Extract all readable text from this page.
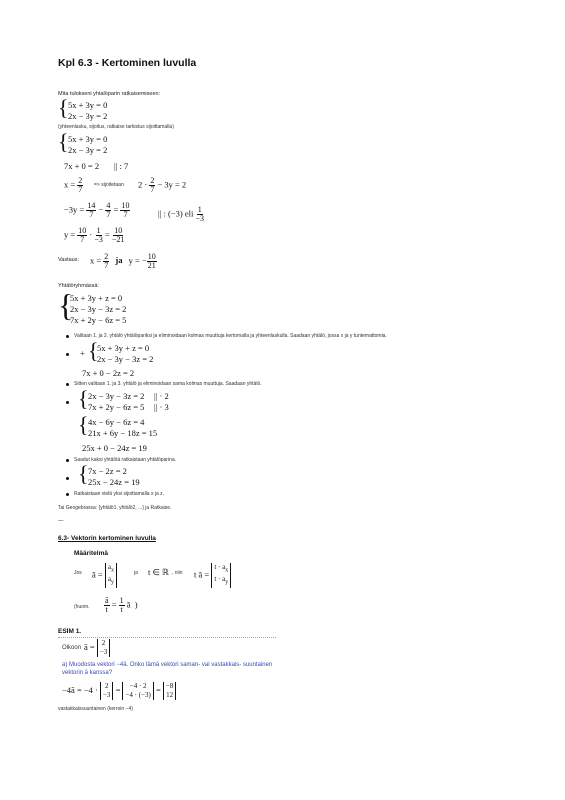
Kpl 6.3 - Kertominen luvulla
Mita tulokseni yhtalöparin ratkaisemiseen:
{ 5x + 3y = 0
2x − 3y = 2
(yhteenlasku, sijoitus, ratkaise tarkistus sijoittamalla)
{ 5x + 3y = 0
2x − 3y = 2
7x + 0 = 2 || : 7
$x = \frac{2}{7}$ => sijoitetaan $2 \cdot \frac{2}{7} - 3y = 2$
$-3y = \frac{14}{7} - \frac{4}{7} = \frac{10}{7}$	|| : (−3) eli $\frac{1}{-3}$
$y = \frac{10}{7} \cdot \frac{1}{-3} = \frac{10}{-21}$
Vastaus: $x = \frac{2}{7}$ ja y = − $\frac{10}{21}$
Yhtälöryhmässä:
{
5x + 3y + z = 0
2x − 3y − 3z = 2
7x + 2y − 6z = 5
Valitaan 1. ja 2. yhtälö yhtälöpariksi ja eliminoidaan kolmas muuttuja kertomalla ja yhteenlaskulla. Saadaan yhtälö, jossa x ja y tuntemattomia.
+ {
5x + 3y + z = 0
2x − 3y − 3z = 2
7x + 0 − 2z = 2
Sitten valitaan 1. ja 3. yhtälö ja eliminoidaan sama kolmas muuttuja. Saadaan yhtälö.
{ 2x − 3y − 3z = 2
7x + 2y − 6z = 5
|| · 2
|| · 3
{ 4x − 6y − 6z = 4
21x + 6y − 18z = 15
25x + 0 − 24z = 19
Saadut kaksi yhtälöä ratkaistaan yhtälöparina.
{ 7x − 2z = 2
25x − 24z = 19
Ratkaistaan vielä yksi sijoittamalla x ja z.
Tai Geogebrassa: {yhtälö1, yhtälö2, ...} ja Ratkaise.
—
6.3- Vektorin kertominen luvulla
Määritelmä
Jos ā =
$a_x$
$a_y$
ja t ∈ ℝ , niin t ā =
$t \cdot a_x$
$t \cdot a_y$
(huom. $\frac{ā}{t} = \frac{1}{t}$ ā  )
ESIM 1.
Olkoon ā = 2
−3
a) Muodosta vektori −4ā. Onko tämä vektori saman- vai vastakkais- suuntainen vektorin ā kanssa?
−4ā = −4 · 2
−3
=	−4 · 2
−4 · (−3)
= −8
12
vastakkaissuuntainen (kerroin −4)
